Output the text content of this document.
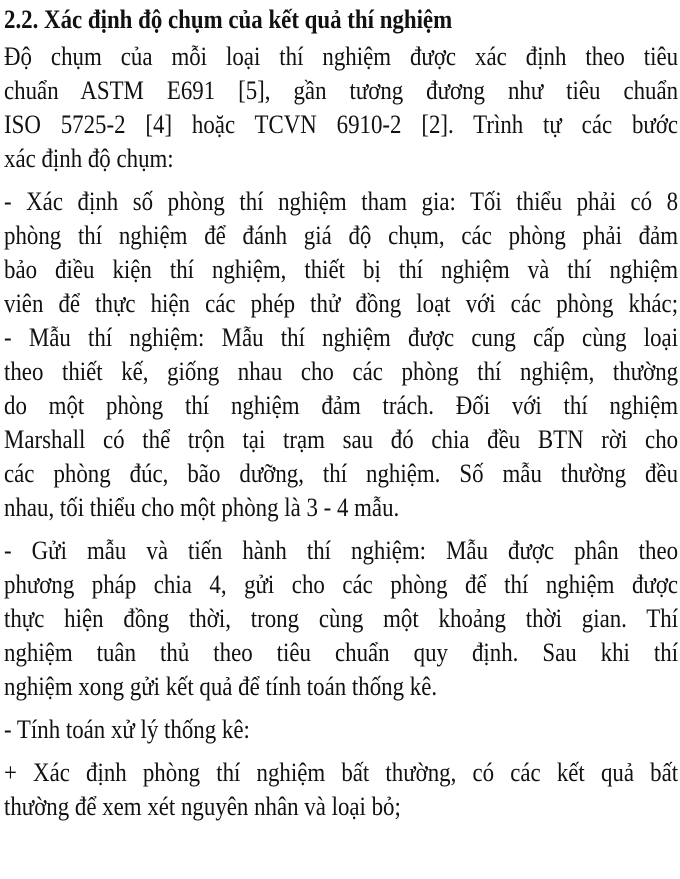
2.2. Xác định độ chụm của kết quả thí nghiệm
Độ chụm của mỗi loại thí nghiệm được xác định theo tiêu
chuẩn ASTM E691 [5], gần tương đương như tiêu chuẩn
ISO 5725-2 [4] hoặc TCVN 6910-2 [2]. Trình tự các bước
xác định độ chụm:
- Xác định số phòng thí nghiệm tham gia: Tối thiểu phải có 8
phòng thí nghiệm để đánh giá độ chụm, các phòng phải đảm
bảo điều kiện thí nghiệm, thiết bị thí nghiệm và thí nghiệm
viên để thực hiện các phép thử đồng loạt với các phòng khác;
- Mẫu thí nghiệm: Mẫu thí nghiệm được cung cấp cùng loại
theo thiết kế, giống nhau cho các phòng thí nghiệm, thường
do một phòng thí nghiệm đảm trách. Đối với thí nghiệm
Marshall có thể trộn tại trạm sau đó chia đều BTN rời cho
các phòng đúc, bão dưỡng, thí nghiệm. Số mẫu thường đều
nhau, tối thiểu cho một phòng là 3 - 4 mẫu.
- Gửi mẫu và tiến hành thí nghiệm: Mẫu được phân theo
phương pháp chia 4, gửi cho các phòng để thí nghiệm được
thực hiện đồng thời, trong cùng một khoảng thời gian. Thí
nghiệm tuân thủ theo tiêu chuẩn quy định. Sau khi thí
nghiệm xong gửi kết quả để tính toán thống kê.
- Tính toán xử lý thống kê:
+ Xác định phòng thí nghiệm bất thường, có các kết quả bất
thường để xem xét nguyên nhân và loại bỏ;
